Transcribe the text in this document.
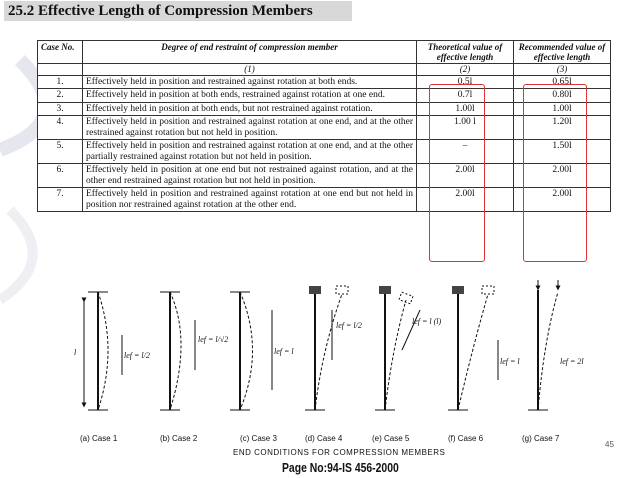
25.2 Effective Length of Compression Members
Case No.	Degree of end restraint of compression member	Theoretical value of effective length	Recommended value of effective length
	(1)	(2)	(3)
1.	Effectively held in position and restrained against rotation at both ends.	0.5l	0.65l
2.	Effectively held in position at both ends, restrained against rotation at one end.	0.7l	0.80l
3.	Effectively held in position at both ends, but not restrained against rotation.	1.00l	1.00l
4.	Effectively held in position and restrained against rotation at one end, and at the other restrained against rotation but not held in position.	1.00 l	1.20l
5.	Effectively held in position and restrained against rotation at one end, and at the other partially restrained against rotation but not held in position.	–	1.50l
6.	Effectively held in position at one end but not restrained against rotation, and at the other end restrained against rotation but not held in position.	2.00l	2.00l
7.	Effectively held in position and restrained against rotation at one end but not held in position nor restrained against rotation at the other end.	2.00l	2.00l
l	lef = l/2
lef = l/√2
lef = l
lef = l/2	lef = l (l)
lef = l	lef = 2l
(a) Case 1	(b) Case 2	(c) Case 3	(d) Case 4	(e) Case 5	(f) Case 6	(g) Case 7
END CONDITIONS FOR COMPRESSION MEMBERS
45
Page No:94-IS 456-2000
